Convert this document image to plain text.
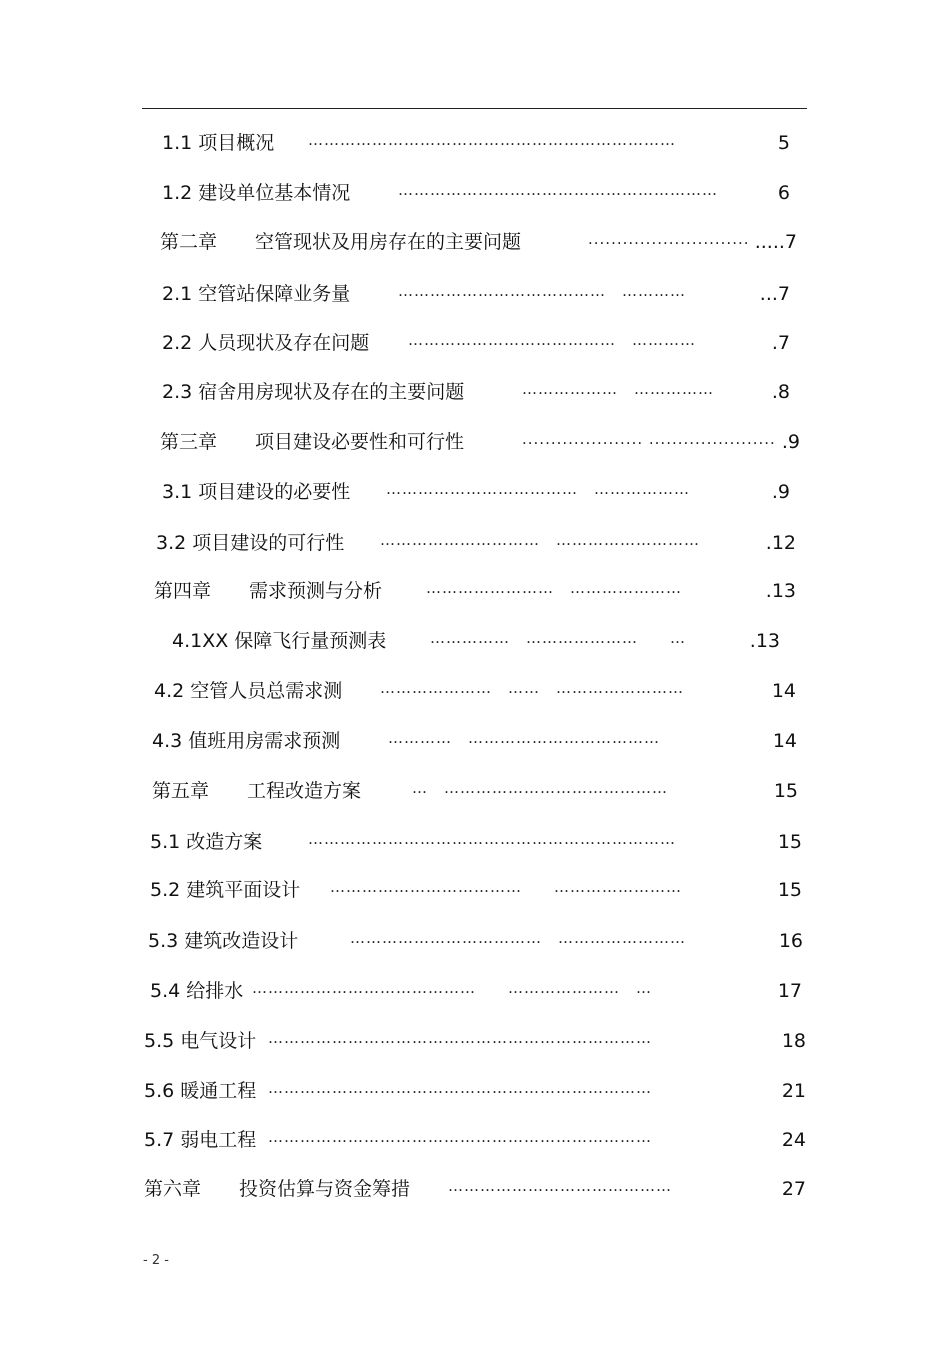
1.1 项目概况 ……………………………………………………………	5
1.2 建设单位基本情况	……………………………………………………	6
第二章　　空管现状及用房存在的主要问题	............................ .....7
2.1 空管站保障业务量	…………………………………　…………	...7
2.2 人员现状及存在问题	…………………………………　…………	.7
2.3 宿舍用房现状及存在的主要问题	………………　……………	.8
第三章　　项目建设必要性和可行性	..................... ...................... .9
3.1 项目建设的必要性 ………………………………　………………	.9
3.2 项目建设的可行性 …………………………　………………………	.12
第四章　　需求预测与分析	……………………　…………………	.13
4.1XX 保障飞行量预测表	……………　…………………　　…	.13
4.2 空管人员总需求测	…………………　……　……………………	14
4.3 值班用房需求预测	…………　………………………………	14
第五章　　工程改造方案	…　……………………………………	15
5.1 改造方案	……………………………………………………………	15
5.2 建筑平面设计 ………………………………　　……………………	15
5.3 建筑改造设计	………………………………　……………………	16
5.4 给排水 ……………………………………　　…………………　…	17
5.5 电气设计 ………………………………………………………………	18
5.6 暖通工程 ………………………………………………………………	21
5.7 弱电工程 ………………………………………………………………	24
第六章　　投资估算与资金筹措	……………………………………	27
- 2 -
